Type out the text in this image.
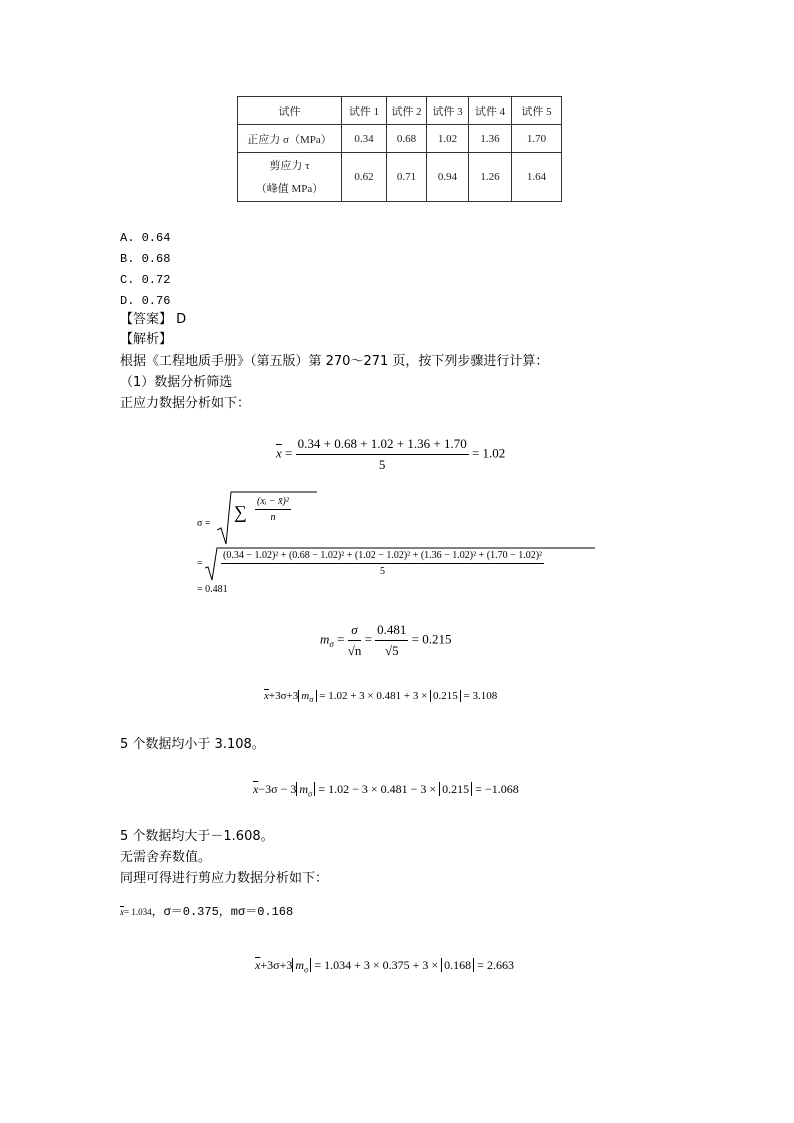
试件	试件 1	试件 2	试件 3	试件 4	试件 5
正应力 σ（MPa）	0.34	0.68	1.02	1.36	1.70

剪应力 τ
（峰值 MPa）	0.62	0.71	0.94	1.26	1.64
A. 0.64
B. 0.68
C. 0.72
D. 0.76
【答案】 D
【解析】
根据《工程地质手册》（第五版）第 270～271 页，按下列步骤进行计算：
（1）数据分析筛选
正应力数据分析如下：
$\overline{x} = \frac{0.34 + 0.68 + 1.02 + 1.36 + 1.70}{5} = 1.02$
σ =
∑ $\frac{\text{(xᵢ − x̄)²}}{n}$
=
(0.34 − 1.02)² + (0.68 − 1.02)² + (1.02 − 1.02)² + (1.36 − 1.02)² + (1.70 − 1.02)²
5
= 0.481
$m_\sigma = \frac{\sigma}{√n} = \frac{0.481}{√5} = 0.215$
$\overline{x}+3\sigma+3$ $m_\sigma = 1.02 + 3 \times 0.481 + 3 \times 0.215 = 3.108$
5 个数据均小于 3.108。
$\overline{x}-3\sigma - 3$ $m_\sigma = 1.02 - 3 \times 0.481 - 3 \times 0.215 = -1.068$
5 个数据均大于－1.608。
无需舍弃数值。
同理可得进行剪应力数据分析如下：
$\overline{x}= 1.034$，σ＝0.375，mσ＝0.168
$\overline{x}+3\sigma+3$ $m_\sigma = 1.034 + 3 \times 0.375 + 3 \times 0.168 = 2.663$
